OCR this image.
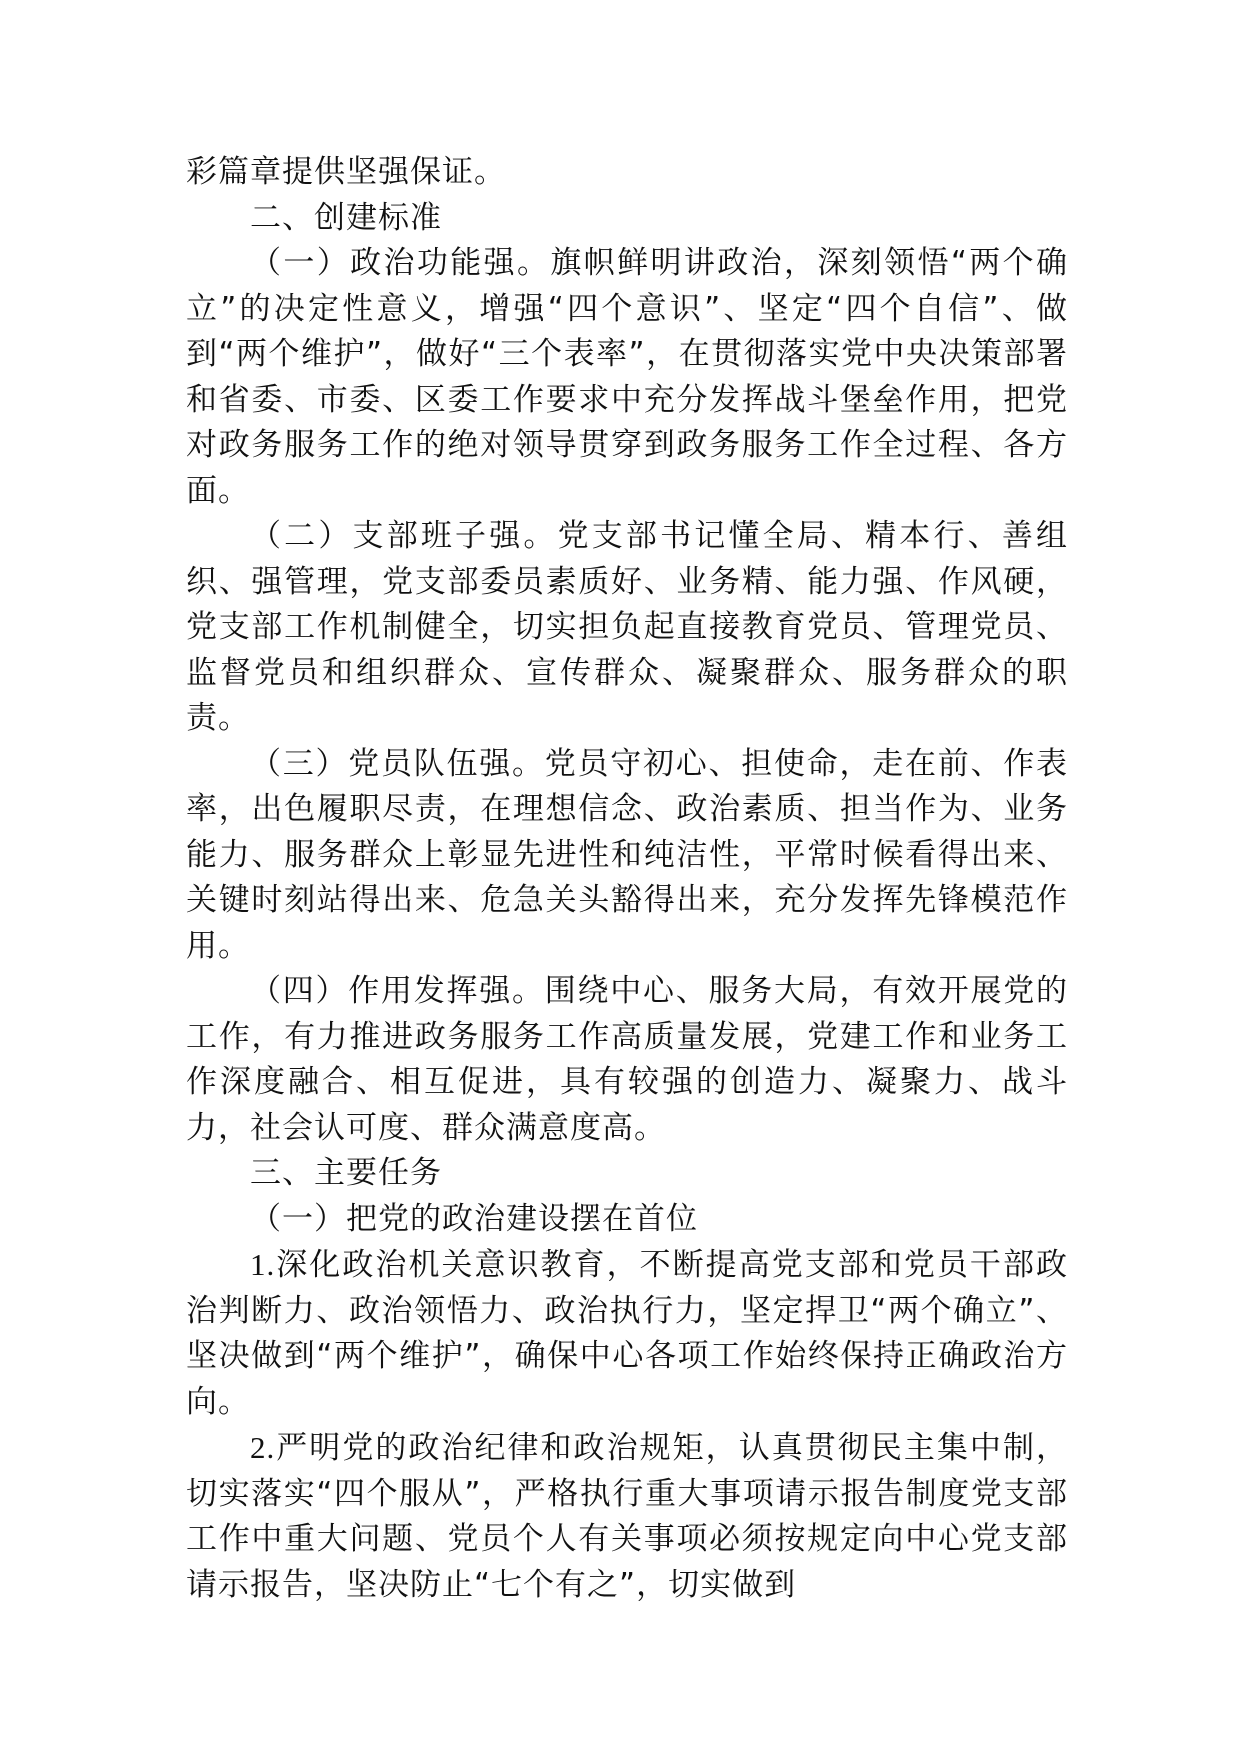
彩篇章提供坚强保证。

二、创建标准

（一）政治功能强。旗帜鲜明讲政治，深刻领悟“两个确立”的决定性意义，增强“四个意识”、坚定“四个自信”、做到“两个维护”，做好“三个表率”，在贯彻落实党中央决策部署和省委、市委、区委工作要求中充分发挥战斗堡垒作用，把党对政务服务工作的绝对领导贯穿到政务服务工作全过程、各方面。

（二）支部班子强。党支部书记懂全局、精本行、善组织、强管理，党支部委员素质好、业务精、能力强、作风硬，党支部工作机制健全，切实担负起直接教育党员、管理党员、监督党员和组织群众、宣传群众、凝聚群众、服务群众的职责。

（三）党员队伍强。党员守初心、担使命，走在前、作表率，出色履职尽责，在理想信念、政治素质、担当作为、业务能力、服务群众上彰显先进性和纯洁性，平常时候看得出来、关键时刻站得出来、危急关头豁得出来，充分发挥先锋模范作用。

（四）作用发挥强。围绕中心、服务大局，有效开展党的工作，有力推进政务服务工作高质量发展，党建工作和业务工作深度融合、相互促进，具有较强的创造力、凝聚力、战斗力，社会认可度、群众满意度高。

三、主要任务

（一）把党的政治建设摆在首位

1.深化政治机关意识教育，不断提高党支部和党员干部政治判断力、政治领悟力、政治执行力，坚定捍卫“两个确立”、坚决做到“两个维护”，确保中心各项工作始终保持正确政治方向。

2.严明党的政治纪律和政治规矩，认真贯彻民主集中制，切实落实“四个服从”，严格执行重大事项请示报告制度党支部工作中重大问题、党员个人有关事项必须按规定向中心党支部请示报告，坚决防止“七个有之”，切实做到
